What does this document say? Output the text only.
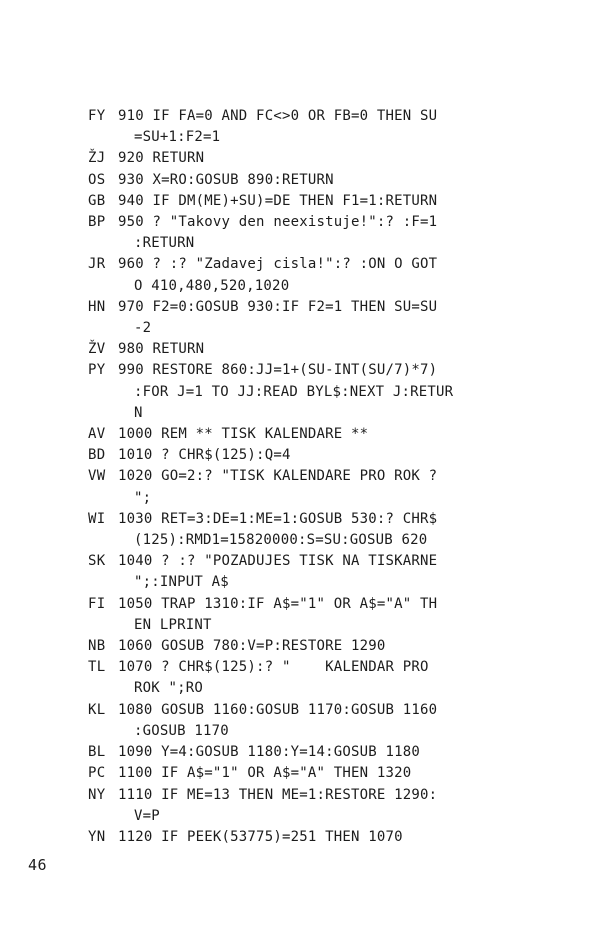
FY 910 IF FA=0 AND FC<>0 OR FB=0 THEN SU
=SU+1:F2=1
ŽJ 920 RETURN
OS 930 X=RO:GOSUB 890:RETURN
GB 940 IF DM(ME)+SU)=DE THEN F1=1:RETURN
BP 950 ? "Takovy den neexistuje!":? :F=1
:RETURN
JR 960 ? :? "Zadavej cisla!":? :ON O GOT
O 410,480,520,1020
HN 970 F2=0:GOSUB 930:IF F2=1 THEN SU=SU
-2
ŽV 980 RETURN
PY 990 RESTORE 860:JJ=1+(SU-INT(SU/7)*7)
:FOR J=1 TO JJ:READ BYL$:NEXT J:RETUR
N
AV 1000 REM ** TISK KALENDARE **
BD 1010 ? CHR$(125):Q=4
VW 1020 GO=2:? "TISK KALENDARE PRO ROK ?
";
WI 1030 RET=3:DE=1:ME=1:GOSUB 530:? CHR$
(125):RMD1=15820000:S=SU:GOSUB 620
SK 1040 ? :? "POZADUJES TISK NA TISKARNE
";:INPUT A$
FI 1050 TRAP 1310:IF A$="1" OR A$="A" TH
EN LPRINT
NB 1060 GOSUB 780:V=P:RESTORE 1290
TL 1070 ? CHR$(125):? "    KALENDAR PRO
ROK ";RO
KL 1080 GOSUB 1160:GOSUB 1170:GOSUB 1160
:GOSUB 1170
BL 1090 Y=4:GOSUB 1180:Y=14:GOSUB 1180
PC 1100 IF A$="1" OR A$="A" THEN 1320
NY 1110 IF ME=13 THEN ME=1:RESTORE 1290:
V=P
YN 1120 IF PEEK(53775)=251 THEN 1070
46
